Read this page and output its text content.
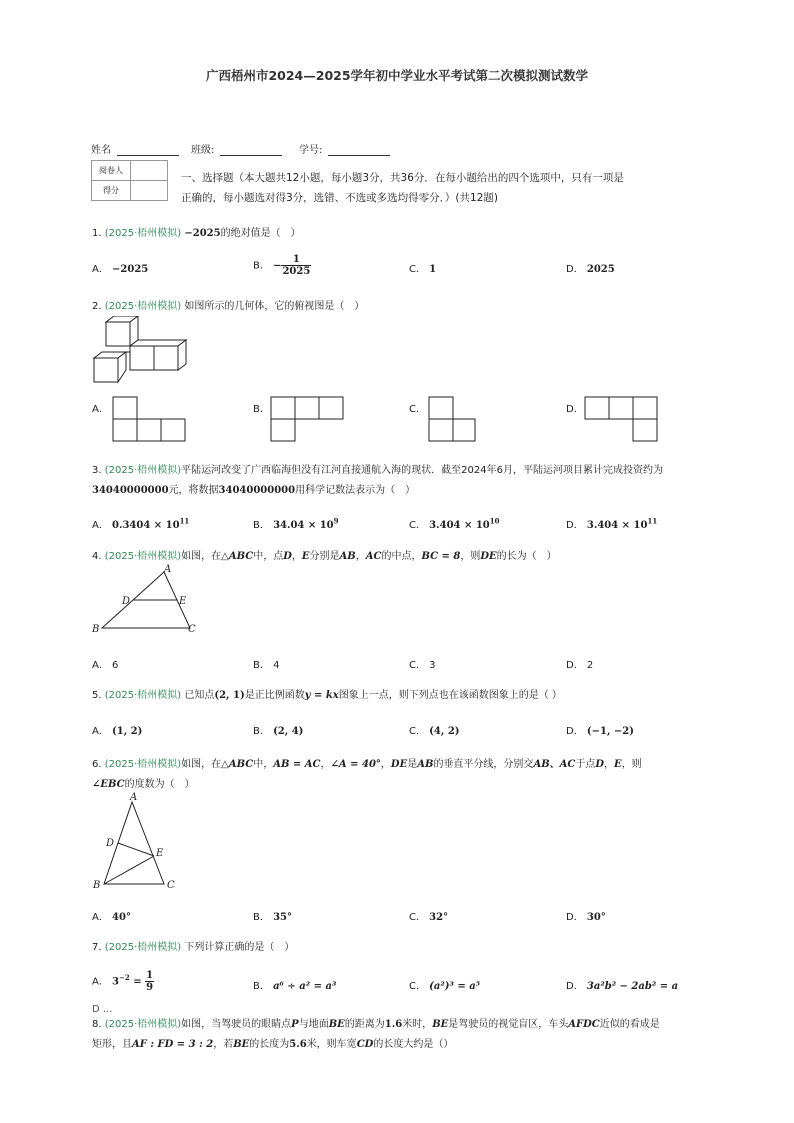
广西梧州市2024—2025学年初中学业水平考试第二次模拟测试数学
姓名	班级:	学号:
阅卷人	
得分	
一、选择题（本大题共12小题，每小题3分，共36分．在每小题给出的四个选项中，只有一项是
正确的，每小题选对得3分，选错、不选或多选均得零分．）(共12题)
1. (2025·梧州模拟) −2025的绝对值是（　）
A． −2025	B． − $\frac{1}{2025}$	C． 1	D． 2025
2. (2025·梧州模拟) 如图所示的几何体，它的俯视图是（　）
A．	B．	C．	D．
3. (2025·梧州模拟)平陆运河改变了广西临海但没有江河直接通航入海的现状．截至2024年6月，平陆运河项目累计完成投资约为
34040000000元，将数据34040000000用科学记数法表示为（　）
A． $0.3404 \times 10^{11}$	B． $34.04 \times 10^9$	C． $3.404 \times 10^{10}$	D． $3.404 \times 10^{11}$
4. (2025·梧州模拟)如图，在△ABC中，点D，E分别是AB，AC的中点，BC = 8，则DE的长为（　）
A
B	C
D	E
A． 6	B． 4	C． 3	D． 2
5. (2025·梧州模拟) 已知点(2, 1)是正比例函数y = kx图象上一点，则下列点也在该函数图象上的是（ ）
A． (1, 2)	B． (2, 4)	C． (4, 2)	D． (−1, −2)
6. (2025·梧州模拟)如图，在△ABC中，AB = AC，∠A = 40°，DE是AB的垂直平分线，分别交AB、AC于点D，E，则
∠EBC的度数为（　）
A
B	C
D
E
A． 40°	B． 35°	C． 32°	D． 30°
7. (2025·梧州模拟) 下列计算正确的是（　）
A． $3^{-2} = \frac{1}{9}$	B． a⁶ ÷ a² = a³	C． (a²)³ = a⁵	D． 3a²b² − 2ab² = a
D ...
8. (2025·梧州模拟)如图，当驾驶员的眼睛点P与地面BE的距离为1.6米时，BE是驾驶员的视觉盲区，车头AFDC近似的看成是
矩形，且AF : FD = 3 : 2，若BE的长度为5.6米，则车宽CD的长度大约是（）
